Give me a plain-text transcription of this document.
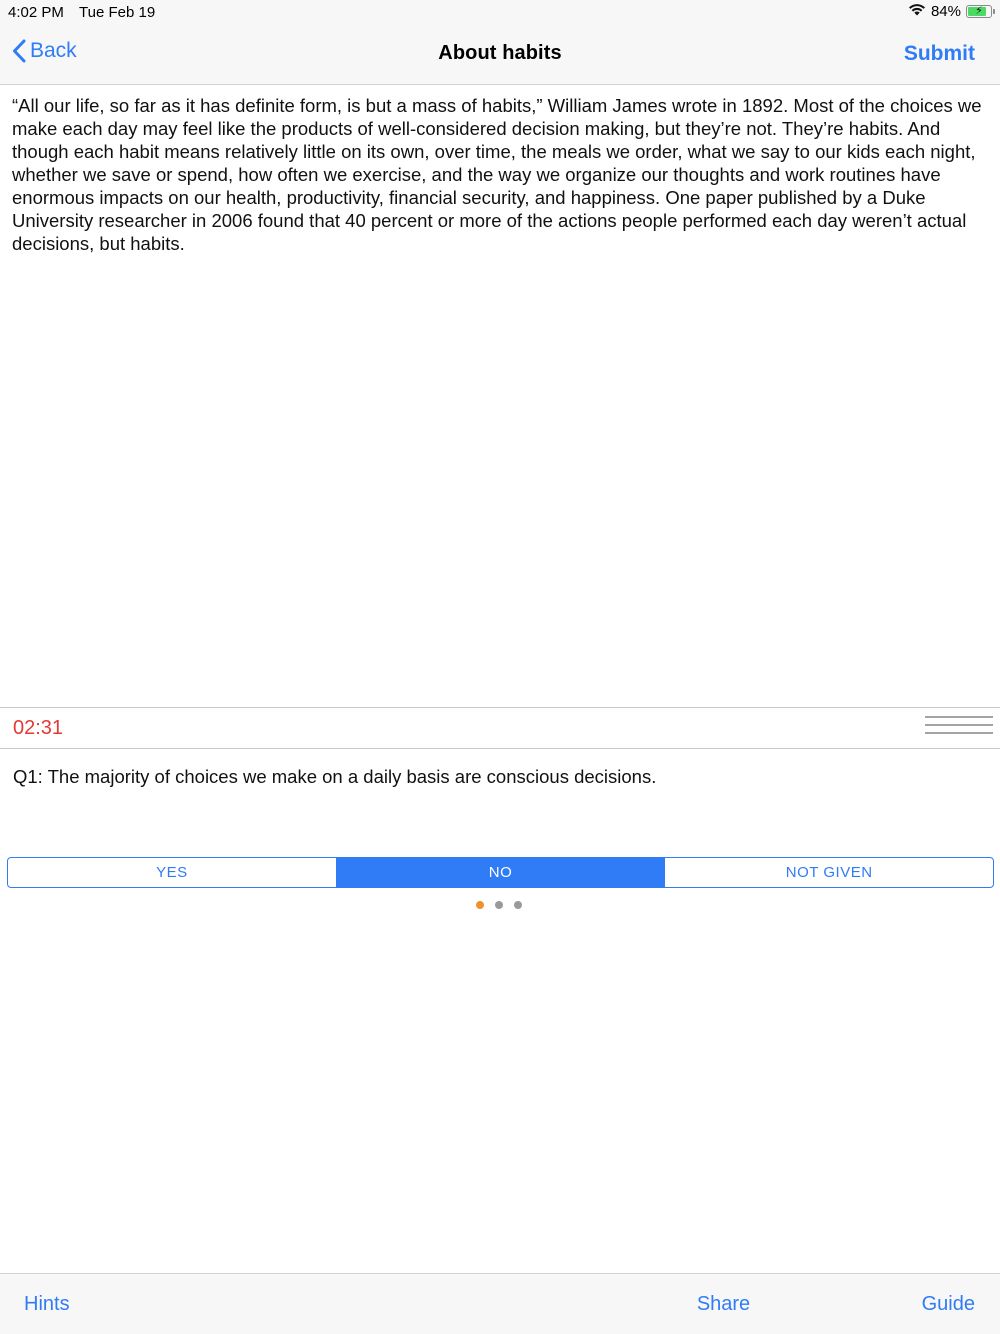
4:02 PM Tue Feb 19	84%	⚡
Back	About habits	Submit
“All our life, so far as it has definite form, is but a mass of habits,” William James wrote in 1892. Most of the choices we make each day may feel like the products of well-considered decision making, but they’re not. They’re habits. And though each habit means relatively little on its own, over time, the meals we order, what we say to our kids each night, whether we save or spend, how often we exercise, and the way we organize our thoughts and work routines have enormous impacts on our health, productivity, financial security, and happiness. One paper published by a Duke University researcher in 2006 found that 40 percent or more of the actions people performed each day weren’t actual decisions, but habits.
02:31
Q1: The majority of choices we make on a daily basis are conscious decisions.
YES	NO	NOT GIVEN
Hints	Share	Guide
